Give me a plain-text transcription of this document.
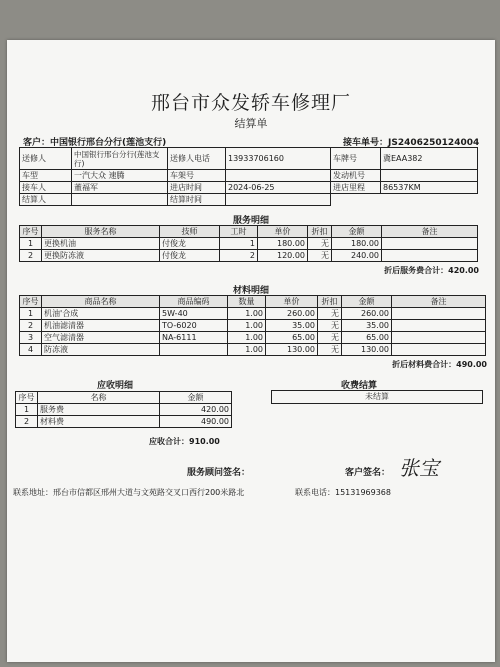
邢台市众发轿车修理厂
结算单
客户：中国银行邢台分行(莲池支行)	接车单号：JS2406250124004
送修人	中国银行邢台分行(莲池支行)	送修人电话	13933706160	车牌号	冀EAA382
车型	一汽大众 速腾	车架号		发动机号	
接车人	董福军	进店时间	2024-06-25	进店里程	86537KM
结算人		结算时间			
服务明细
序号	服务名称	技师	工时	单价	折扣	金额	备注
1	更换机油	付俊龙	1	180.00	无	180.00	
2	更换防冻液	付俊龙	2	120.00	无	240.00	
折后服务费合计：420.00
材料明细
序号	商品名称	商品编码	数量	单价	折扣	金额	备注
1	机油'合成	5W-40	1.00	260.00	无	260.00	
2	机油滤清器	TO-6020	1.00	35.00	无	35.00	
3	空气滤清器	NA-6111	1.00	65.00	无	65.00	
4	防冻液		1.00	130.00	无	130.00	
折后材料费合计：490.00
应收明细
序号	名称	金额
1	服务费	420.00
2	材料费	490.00
应收合计：910.00
收费结算
未结算
服务顾问签名：	客户签名： 张宝
联系地址：邢台市信都区邢州大道与文苑路交叉口西行200米路北	联系电话：15131969368
